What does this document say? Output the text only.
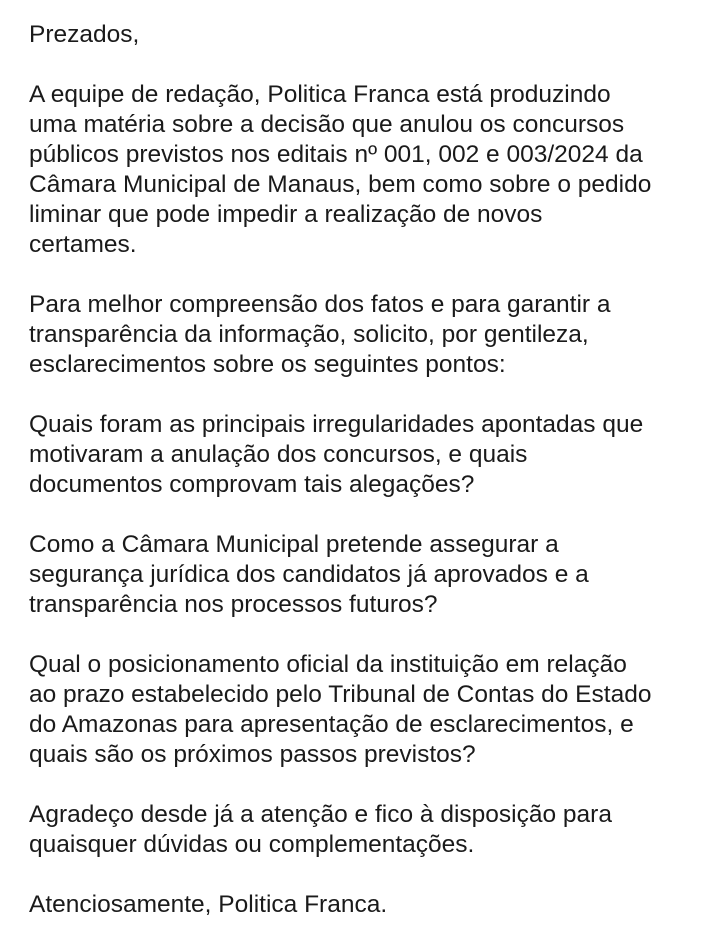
Prezados,

A equipe de redação, Politica Franca está produzindo
uma matéria sobre a decisão que anulou os concursos
públicos previstos nos editais nº 001, 002 e 003/2024 da
Câmara Municipal de Manaus, bem como sobre o pedido
liminar que pode impedir a realização de novos
certames.

Para melhor compreensão dos fatos e para garantir a
transparência da informação, solicito, por gentileza,
esclarecimentos sobre os seguintes pontos:

Quais foram as principais irregularidades apontadas que
motivaram a anulação dos concursos, e quais
documentos comprovam tais alegações?

Como a Câmara Municipal pretende assegurar a
segurança jurídica dos candidatos já aprovados e a
transparência nos processos futuros?

Qual o posicionamento oficial da instituição em relação
ao prazo estabelecido pelo Tribunal de Contas do Estado
do Amazonas para apresentação de esclarecimentos, e
quais são os próximos passos previstos?

Agradeço desde já a atenção e fico à disposição para
quaisquer dúvidas ou complementações.

Atenciosamente, Politica Franca.
